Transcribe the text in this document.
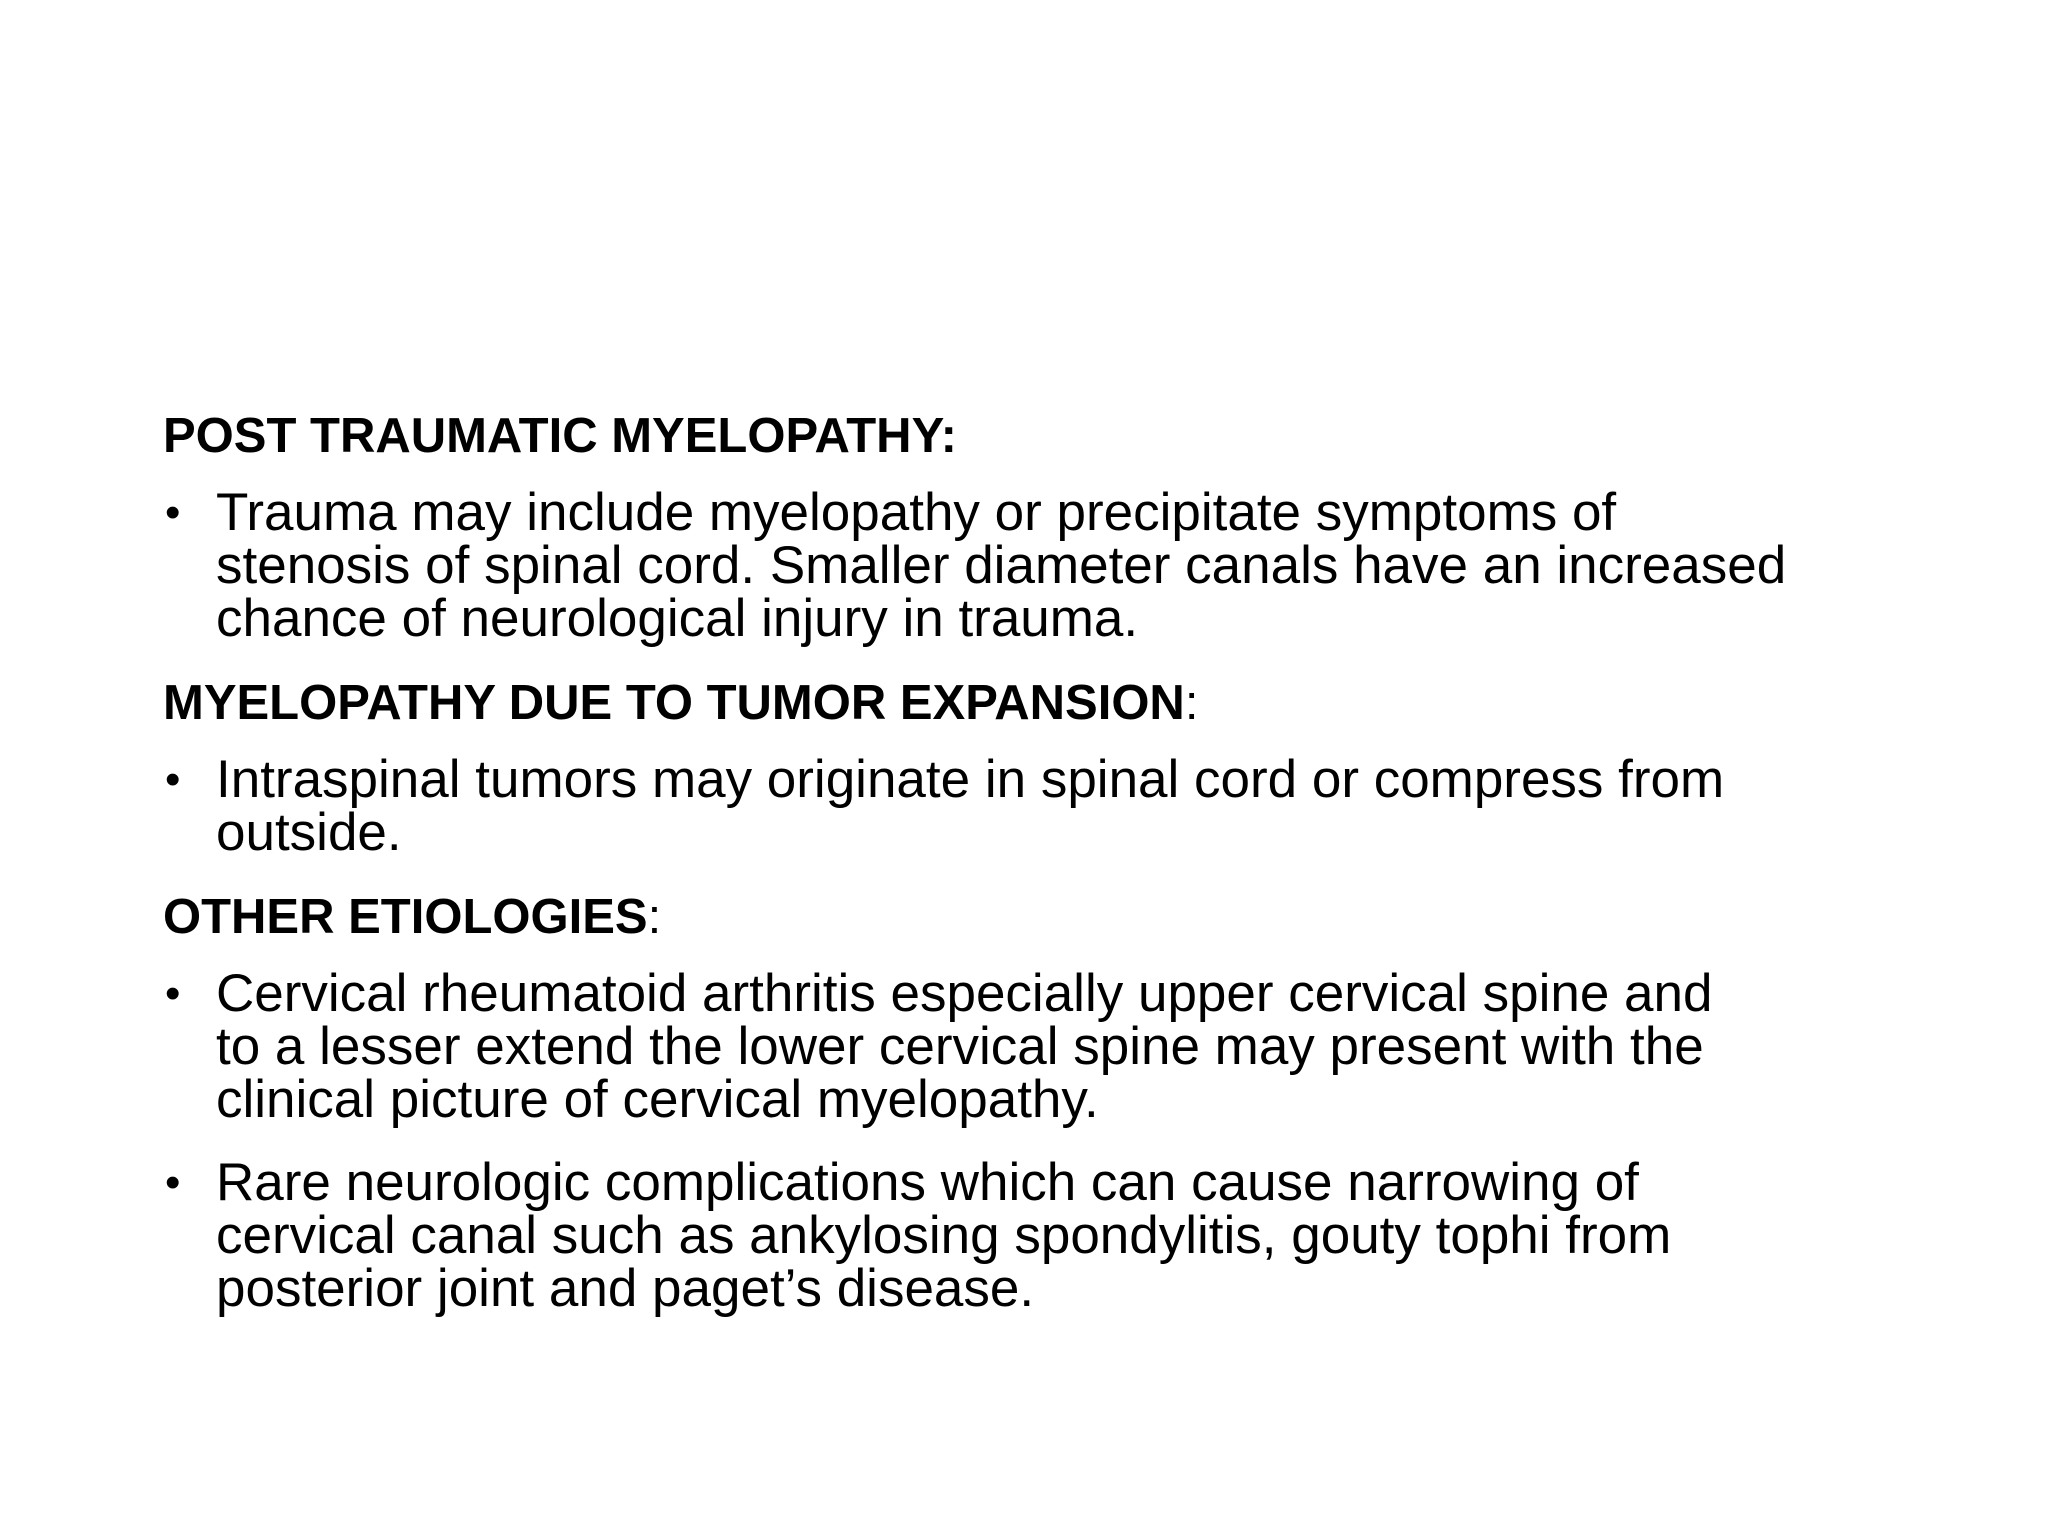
POST TRAUMATIC MYELOPATHY:
• Trauma may include myelopathy or precipitate symptoms of
stenosis of spinal cord. Smaller diameter canals have an increased
chance of neurological injury in trauma.
MYELOPATHY DUE TO TUMOR EXPANSION:
• Intraspinal tumors may originate in spinal cord or compress from
outside.
OTHER ETIOLOGIES:
• Cervical rheumatoid arthritis especially upper cervical spine and
to a lesser extend the lower cervical spine may present with the
clinical picture of cervical myelopathy.
• Rare neurologic complications which can cause narrowing of
cervical canal such as ankylosing spondylitis, gouty tophi from
posterior joint and paget’s disease.
